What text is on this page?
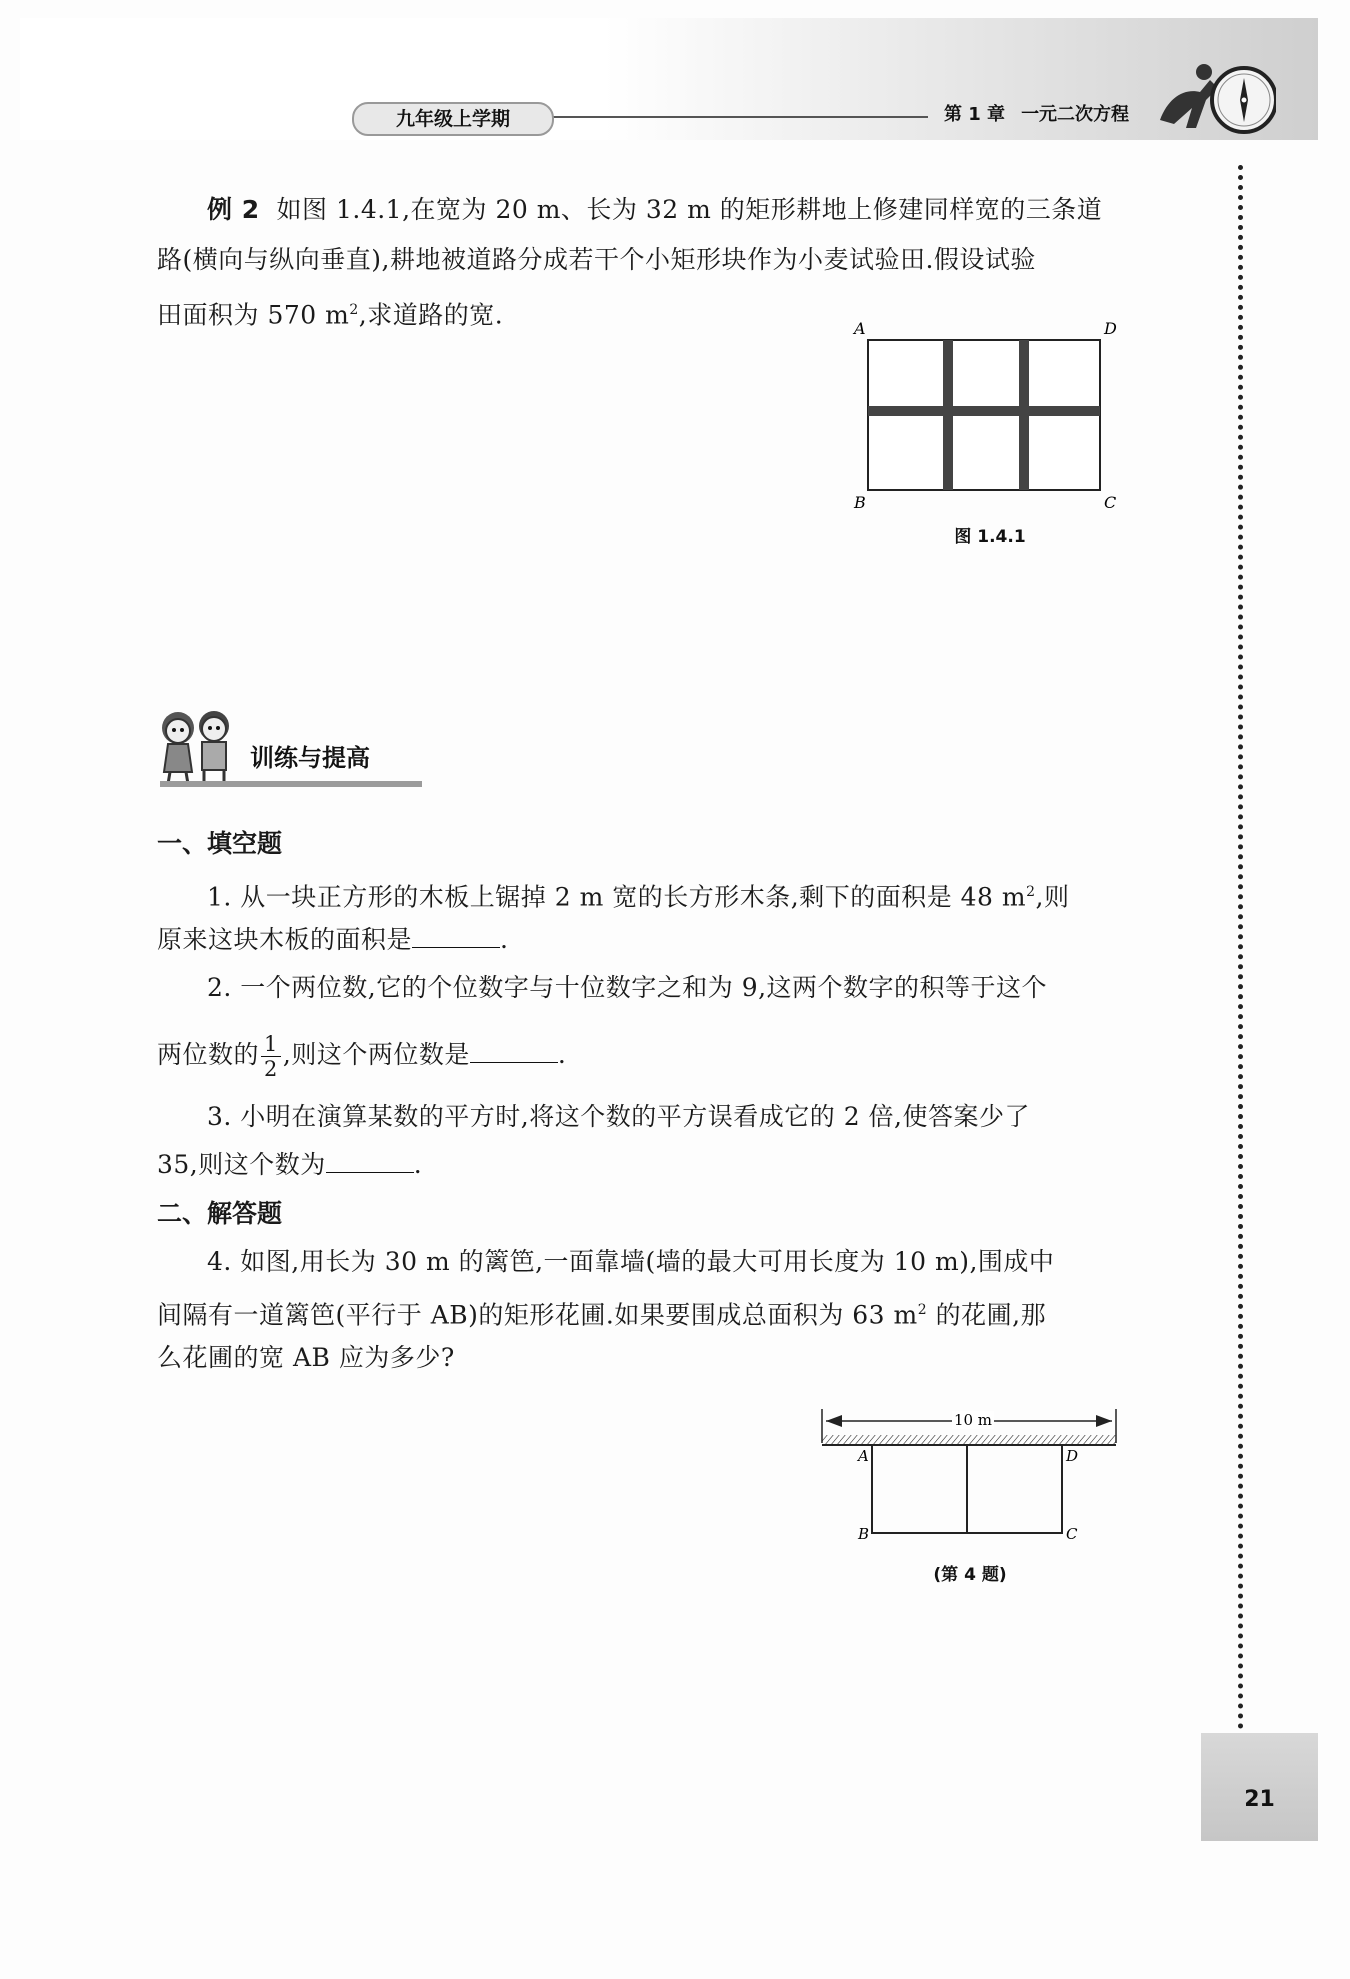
九年级上学期	第 1 章 一元二次方程

例 2 如图 1.4.1,在宽为 20 m、长为 32 m 的矩形耕地上修建同样宽的三条道

路(横向与纵向垂直),耕地被道路分成若干个小矩形块作为小麦试验田.假设试验

田面积为 570 $m^2$,求道路的宽.	A	D
B	C
图 1.4.1
训练与提高

一、填空题

1. 从一块正方形的木板上锯掉 2 m 宽的长方形木条,剩下的面积是 48 $m^2$,则

原来这块木板的面积是	.

2. 一个两位数,它的个位数字与十位数字之和为 9,这两个数字的积等于这个

两位数的 $\frac{1}{2}$ ,则这个两位数是	.

3. 小明在演算某数的平方时,将这个数的平方误看成它的 2 倍,使答案少了

35,则这个数为	.

二、解答题

4. 如图,用长为 30 m 的篱笆,一面靠墙(墙的最大可用长度为 10 m),围成中

间隔有一道篱笆(平行于 AB)的矩形花圃.如果要围成总面积为 63 $m^2$ 的花圃,那

么花圃的宽 AB 应为多少?

10 m
A	D
B	C
(第 4 题)
21
